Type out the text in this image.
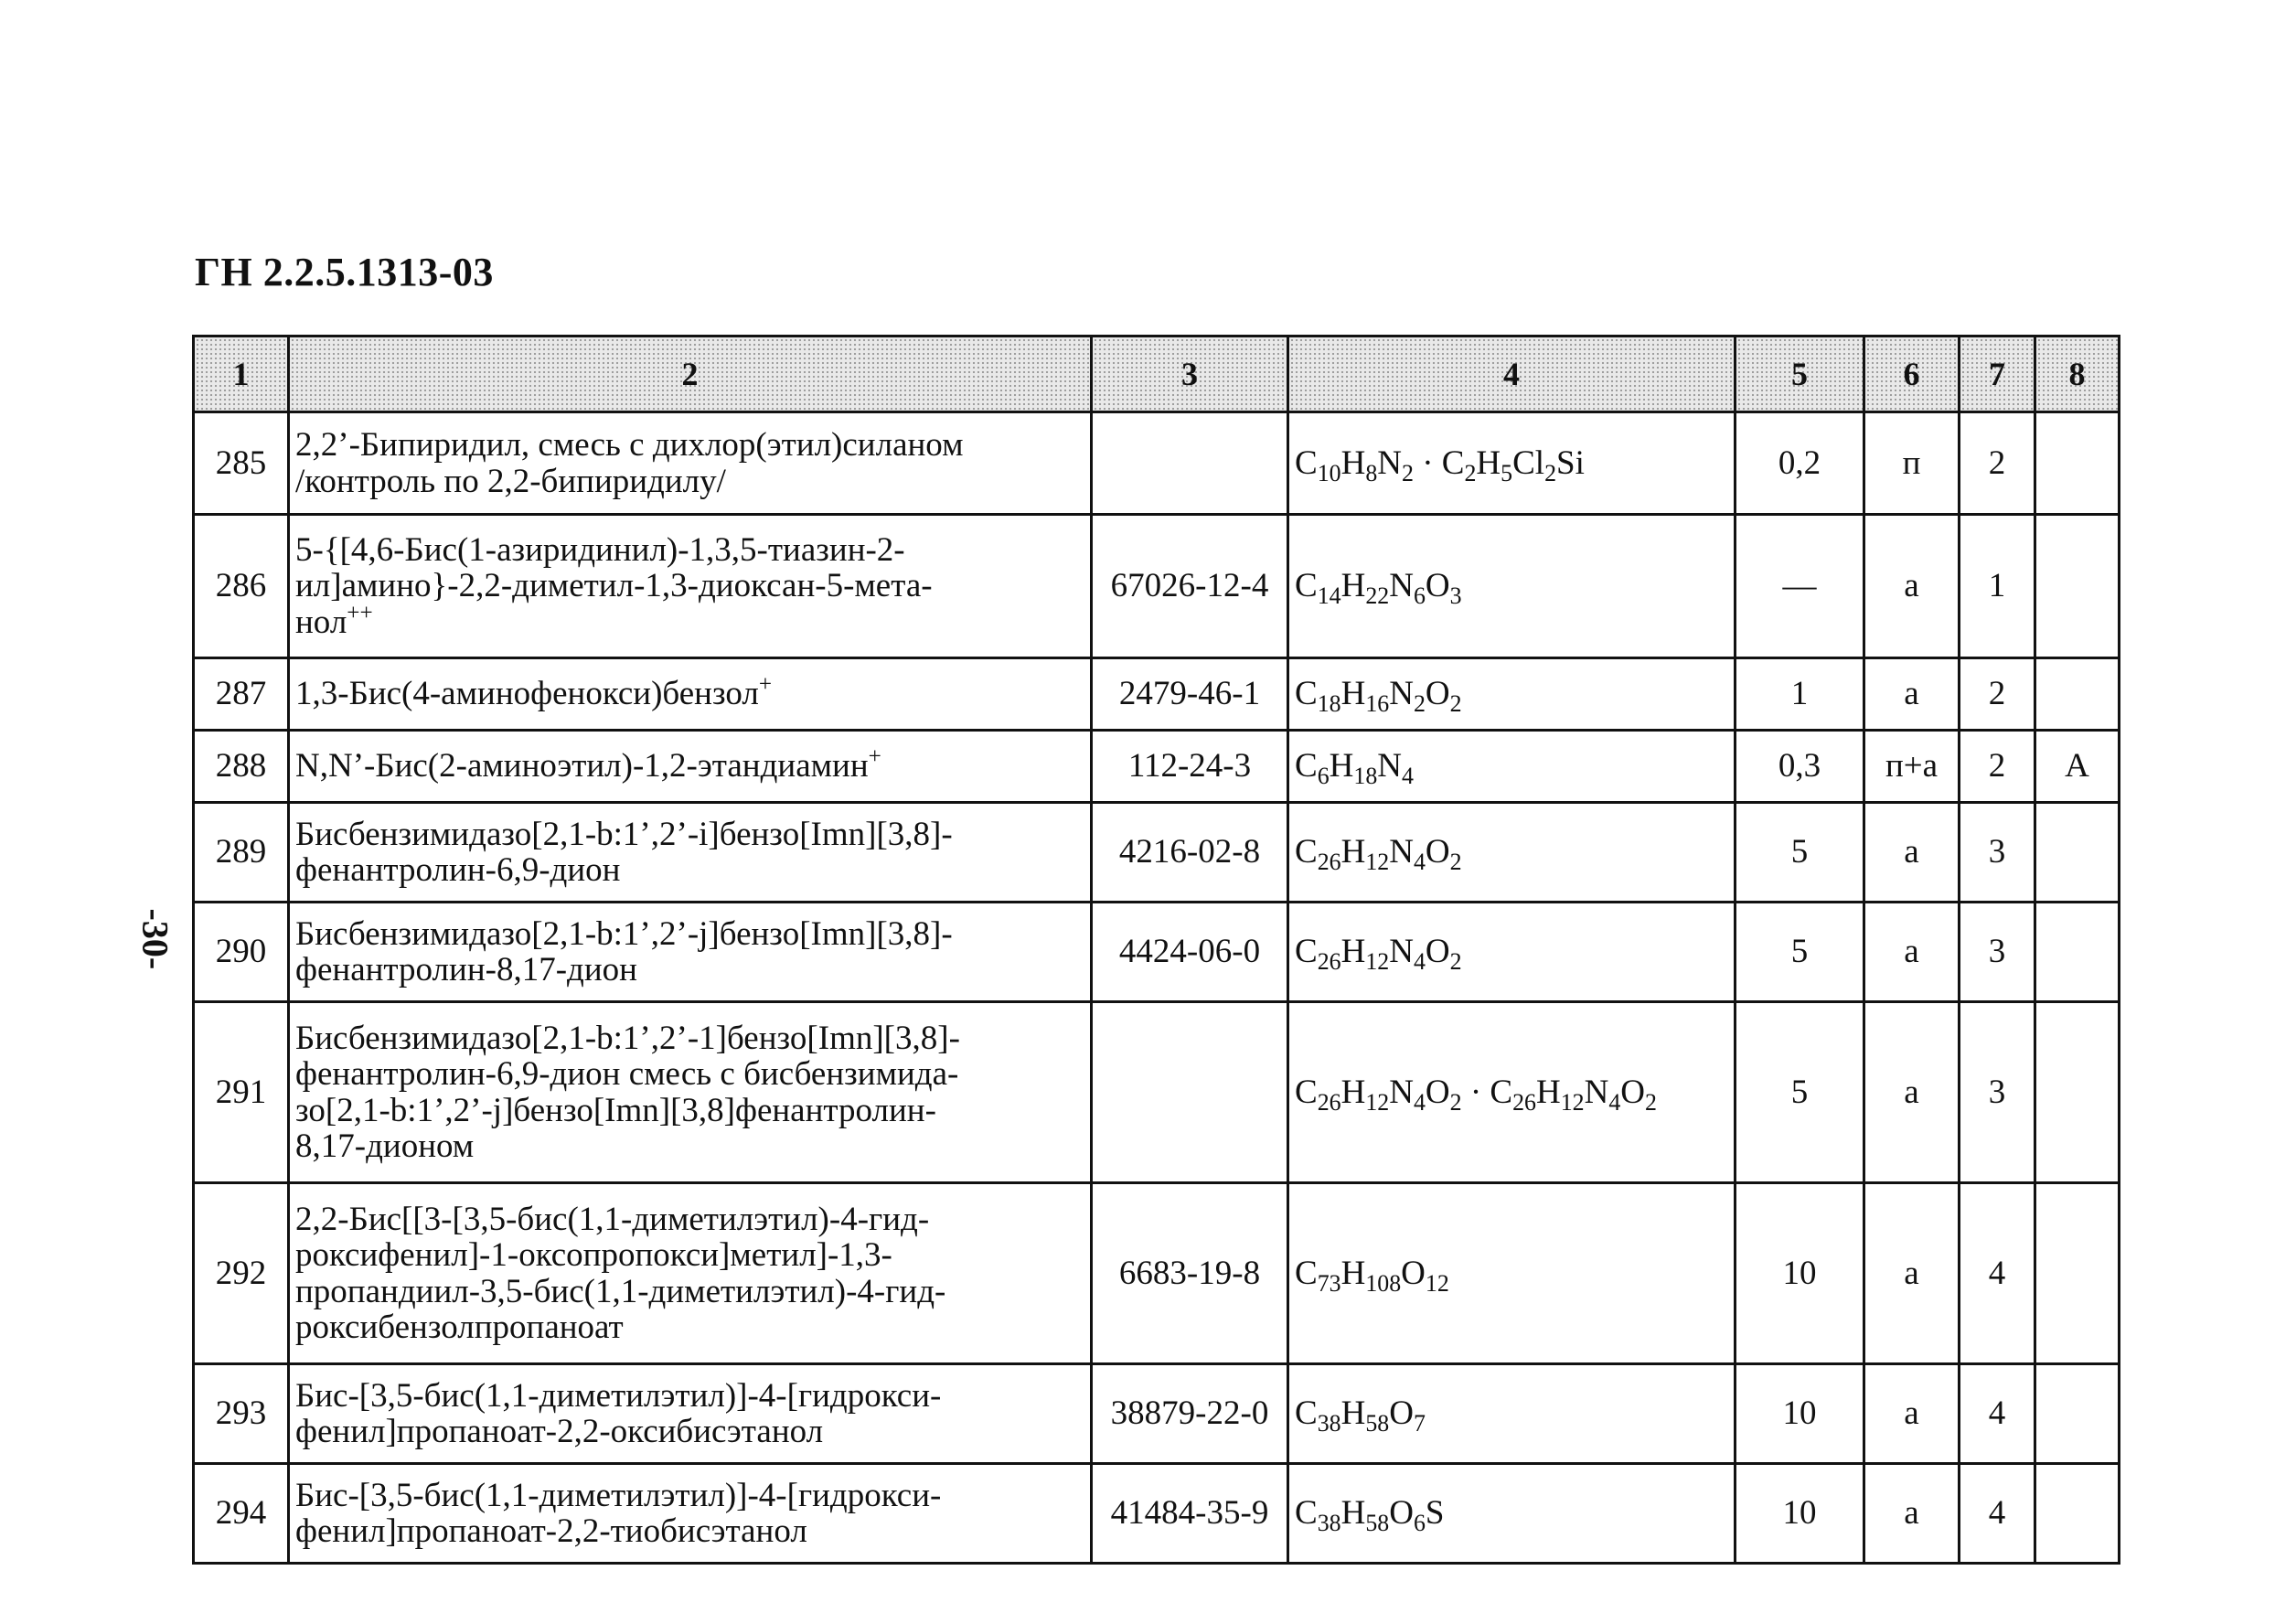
ГН 2.2.5.1313-03
-30-
1	2	3	4	5	6	7	8
285	2,2’-Бипиридил, смесь с дихлор(этил)силаном
/контроль по 2,2-бипиридилу/		$C_{10}H_8N_2 \cdot C_2H_5Cl_2Si$	0,2	п	2	
286	5-{[4,6-Бис(1-азиридинил)-1,3,5-тиазин-2-
ил]амино}-2,2-диметил-1,3-диоксан-5-мета-
нол++	67026-12-4	$C_{14}H_{22}N_6O_3$	—	а	1	
287	1,3-Бис(4-аминофенокси)бензол+	2479-46-1	$C_{18}H_{16}N_2O_2$	1	а	2	
288	N,N’-Бис(2-аминоэтил)-1,2-этандиамин+	112-24-3	$C_6H_{18}N_4$	0,3	п+а	2	А
289	Бисбензимидазо[2,1-b:1’,2’-i]бензо[Imn][3,8]-
фенантролин-6,9-дион	4216-02-8	$C_{26}H_{12}N_4O_2$	5	а	3	
290	Бисбензимидазо[2,1-b:1’,2’-j]бензо[Imn][3,8]-
фенантролин-8,17-дион	4424-06-0	$C_{26}H_{12}N_4O_2$	5	а	3	
291	Бисбензимидазо[2,1-b:1’,2’-1]бензо[Imn][3,8]-
фенантролин-6,9-дион смесь с бисбензимида-
зо[2,1-b:1’,2’-j]бензо[Imn][3,8]фенантролин-
8,17-дионом		$C_{26}H_{12}N_4O_2 \cdot C_{26}H_{12}N_4O_2$	5	а	3	
292	2,2-Бис[[3-[3,5-бис(1,1-диметилэтил)-4-гид-
роксифенил]-1-оксопропокси]метил]-1,3-
пропандиил-3,5-бис(1,1-диметилэтил)-4-гид-
роксибензолпропаноат	6683-19-8	$C_{73}H_{108}O_{12}$	10	а	4	
293	Бис-[3,5-бис(1,1-диметилэтил)]-4-[гидрокси-
фенил]пропаноат-2,2-оксибисэтанол	38879-22-0	$C_{38}H_{58}O_7$	10	а	4	
294	Бис-[3,5-бис(1,1-диметилэтил)]-4-[гидрокси-
фенил]пропаноат-2,2-тиобисэтанол	41484-35-9	$C_{38}H_{58}O_6S$	10	а	4	
